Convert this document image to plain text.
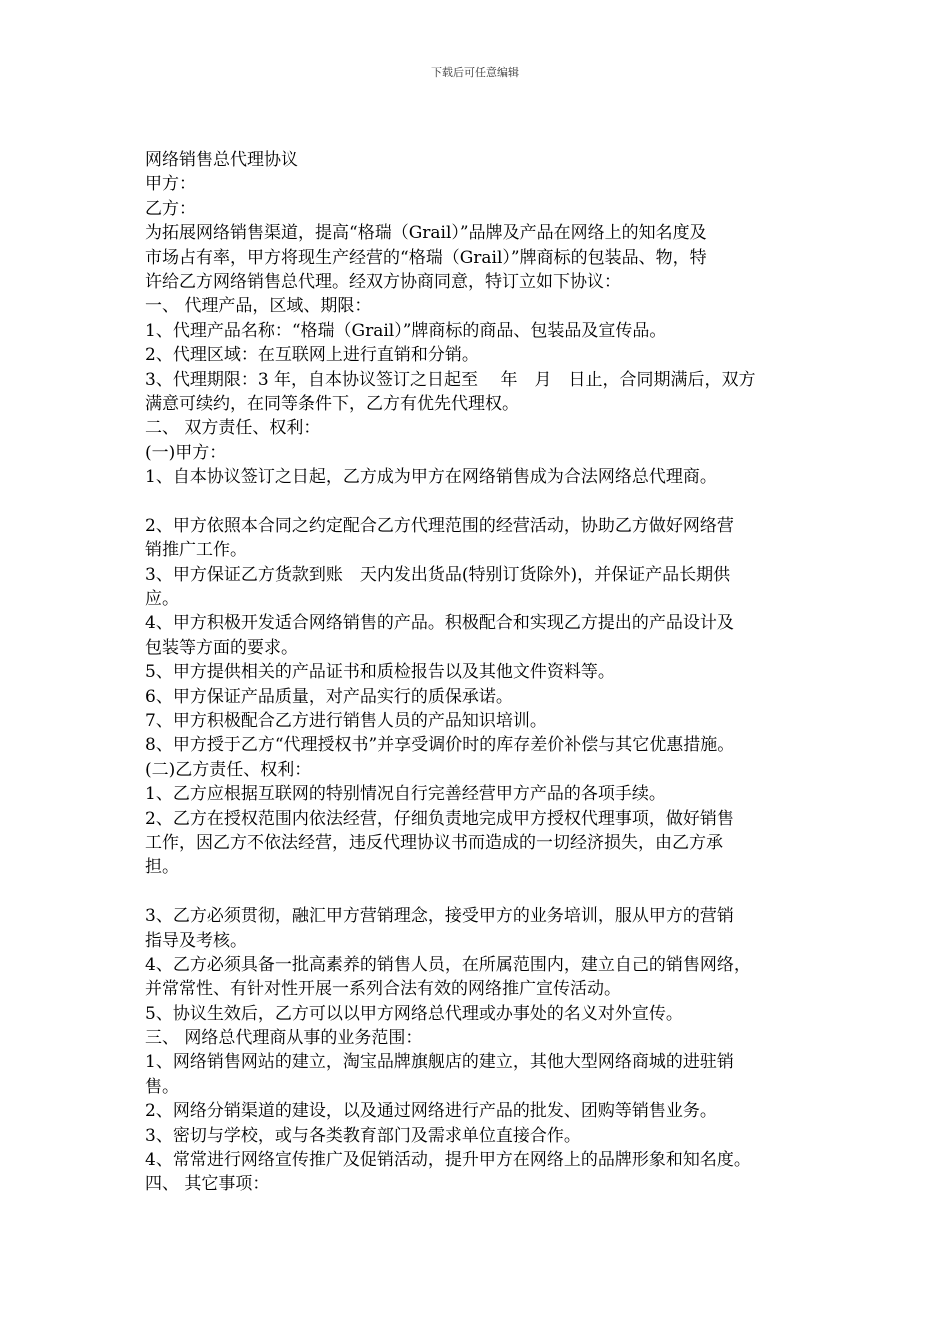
下载后可任意编辑
网络销售总代理协议
甲方：
乙方：
为拓展网络销售渠道，提高“格瑞（Grail）”品牌及产品在网络上的知名度及
市场占有率，甲方将现生产经营的“格瑞（Grail）”牌商标的包装品、物，特
许给乙方网络销售总代理。经双方协商同意，特订立如下协议：
一、 代理产品，区域、期限：
1、代理产品名称：“格瑞（Grail）”牌商标的商品、包装品及宣传品。
2、代理区域：在互联网上进行直销和分销。
3、代理期限：3 年，自本协议签订之日起至　 年　月　日止，合同期满后，双方
满意可续约，在同等条件下，乙方有优先代理权。
二、 双方责任、权利：
(一)甲方：
1、自本协议签订之日起，乙方成为甲方在网络销售成为合法网络总代理商。
2、甲方依照本合同之约定配合乙方代理范围的经营活动，协助乙方做好网络营
销推广工作。
3、甲方保证乙方货款到账　天内发出货品(特别订货除外)，并保证产品长期供
应。
4、甲方积极开发适合网络销售的产品。积极配合和实现乙方提出的产品设计及
包装等方面的要求。
5、甲方提供相关的产品证书和质检报告以及其他文件资料等。
6、甲方保证产品质量，对产品实行的质保承诺。
7、甲方积极配合乙方进行销售人员的产品知识培训。
8、甲方授于乙方“代理授权书”并享受调价时的库存差价补偿与其它优惠措施。
(二)乙方责任、权利：
1、乙方应根据互联网的特别情况自行完善经营甲方产品的各项手续。
2、乙方在授权范围内依法经营，仔细负责地完成甲方授权代理事项，做好销售
工作，因乙方不依法经营，违反代理协议书而造成的一切经济损失，由乙方承
担。
3、乙方必须贯彻，融汇甲方营销理念，接受甲方的业务培训，服从甲方的营销
指导及考核。
4、乙方必须具备一批高素养的销售人员，在所属范围内，建立自己的销售网络，
并常常性、有针对性开展一系列合法有效的网络推广宣传活动。
5、协议生效后，乙方可以以甲方网络总代理或办事处的名义对外宣传。
三、 网络总代理商从事的业务范围：
1、网络销售网站的建立，淘宝品牌旗舰店的建立，其他大型网络商城的进驻销
售。
2、网络分销渠道的建设，以及通过网络进行产品的批发、团购等销售业务。
3、密切与学校，或与各类教育部门及需求单位直接合作。
4、常常进行网络宣传推广及促销活动，提升甲方在网络上的品牌形象和知名度。
四、 其它事项：
